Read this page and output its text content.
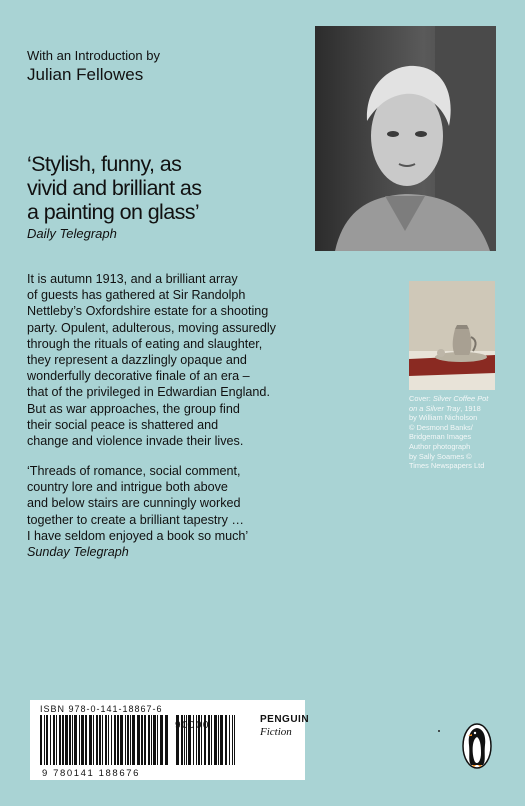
With an Introduction by
Julian Fellowes
‘Stylish, funny, as
vivid and brilliant as
a painting on glass’
Daily Telegraph
It is autumn 1913, and a brilliant array
of guests has gathered at Sir Randolph
Nettleby’s Oxfordshire estate for a shooting
party. Opulent, adulterous, moving assuredly
through the rituals of eating and slaughter,
they represent a dazzlingly opaque and
wonderfully decorative finale of an era –
that of the privileged in Edwardian England.
But as war approaches, the group find
their social peace is shattered and
change and violence invade their lives.
‘Threads of romance, social comment,
country lore and intrigue both above
and below stairs are cunningly worked
together to create a brilliant tapestry …
I have seldom enjoyed a book so much’
Sunday Telegraph
Cover: Silver Coffee Pot
on a Silver Tray, 1918
by William Nicholson
© Desmond Banks/
Bridgeman Images
Author photograph
by Sally Soames ©
Times Newspapers Ltd
ISBN 978-0-141-18867-6
9 780141 188676
90000
PENGUIN
Fiction
